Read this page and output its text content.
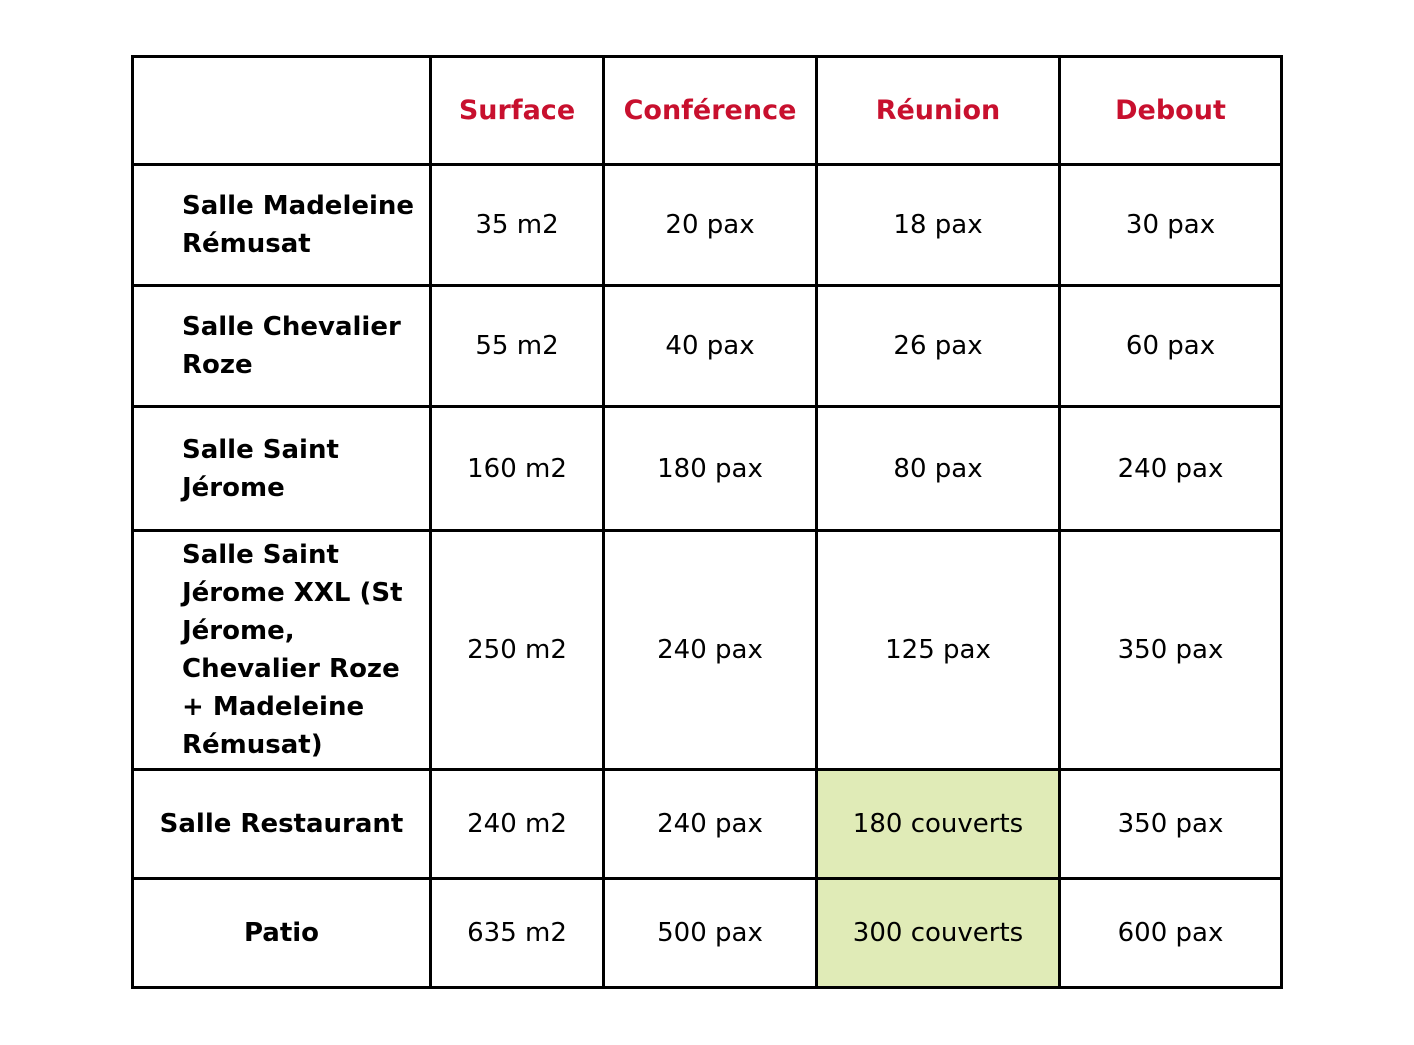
	Surface	Conférence	Réunion	Debout
Salle Madeleine Rémusat	35 m2	20 pax	18 pax	30 pax
Salle Chevalier Roze	55 m2	40 pax	26 pax	60 pax
Salle Saint Jérome	160 m2	180 pax	80 pax	240 pax
Salle Saint Jérome XXL (St Jérome, Chevalier Roze + Madeleine Rémusat)	250 m2	240 pax	125 pax	350 pax
Salle Restaurant	240 m2	240 pax	180 couverts	350 pax
Patio	635 m2	500 pax	300 couverts	600 pax
